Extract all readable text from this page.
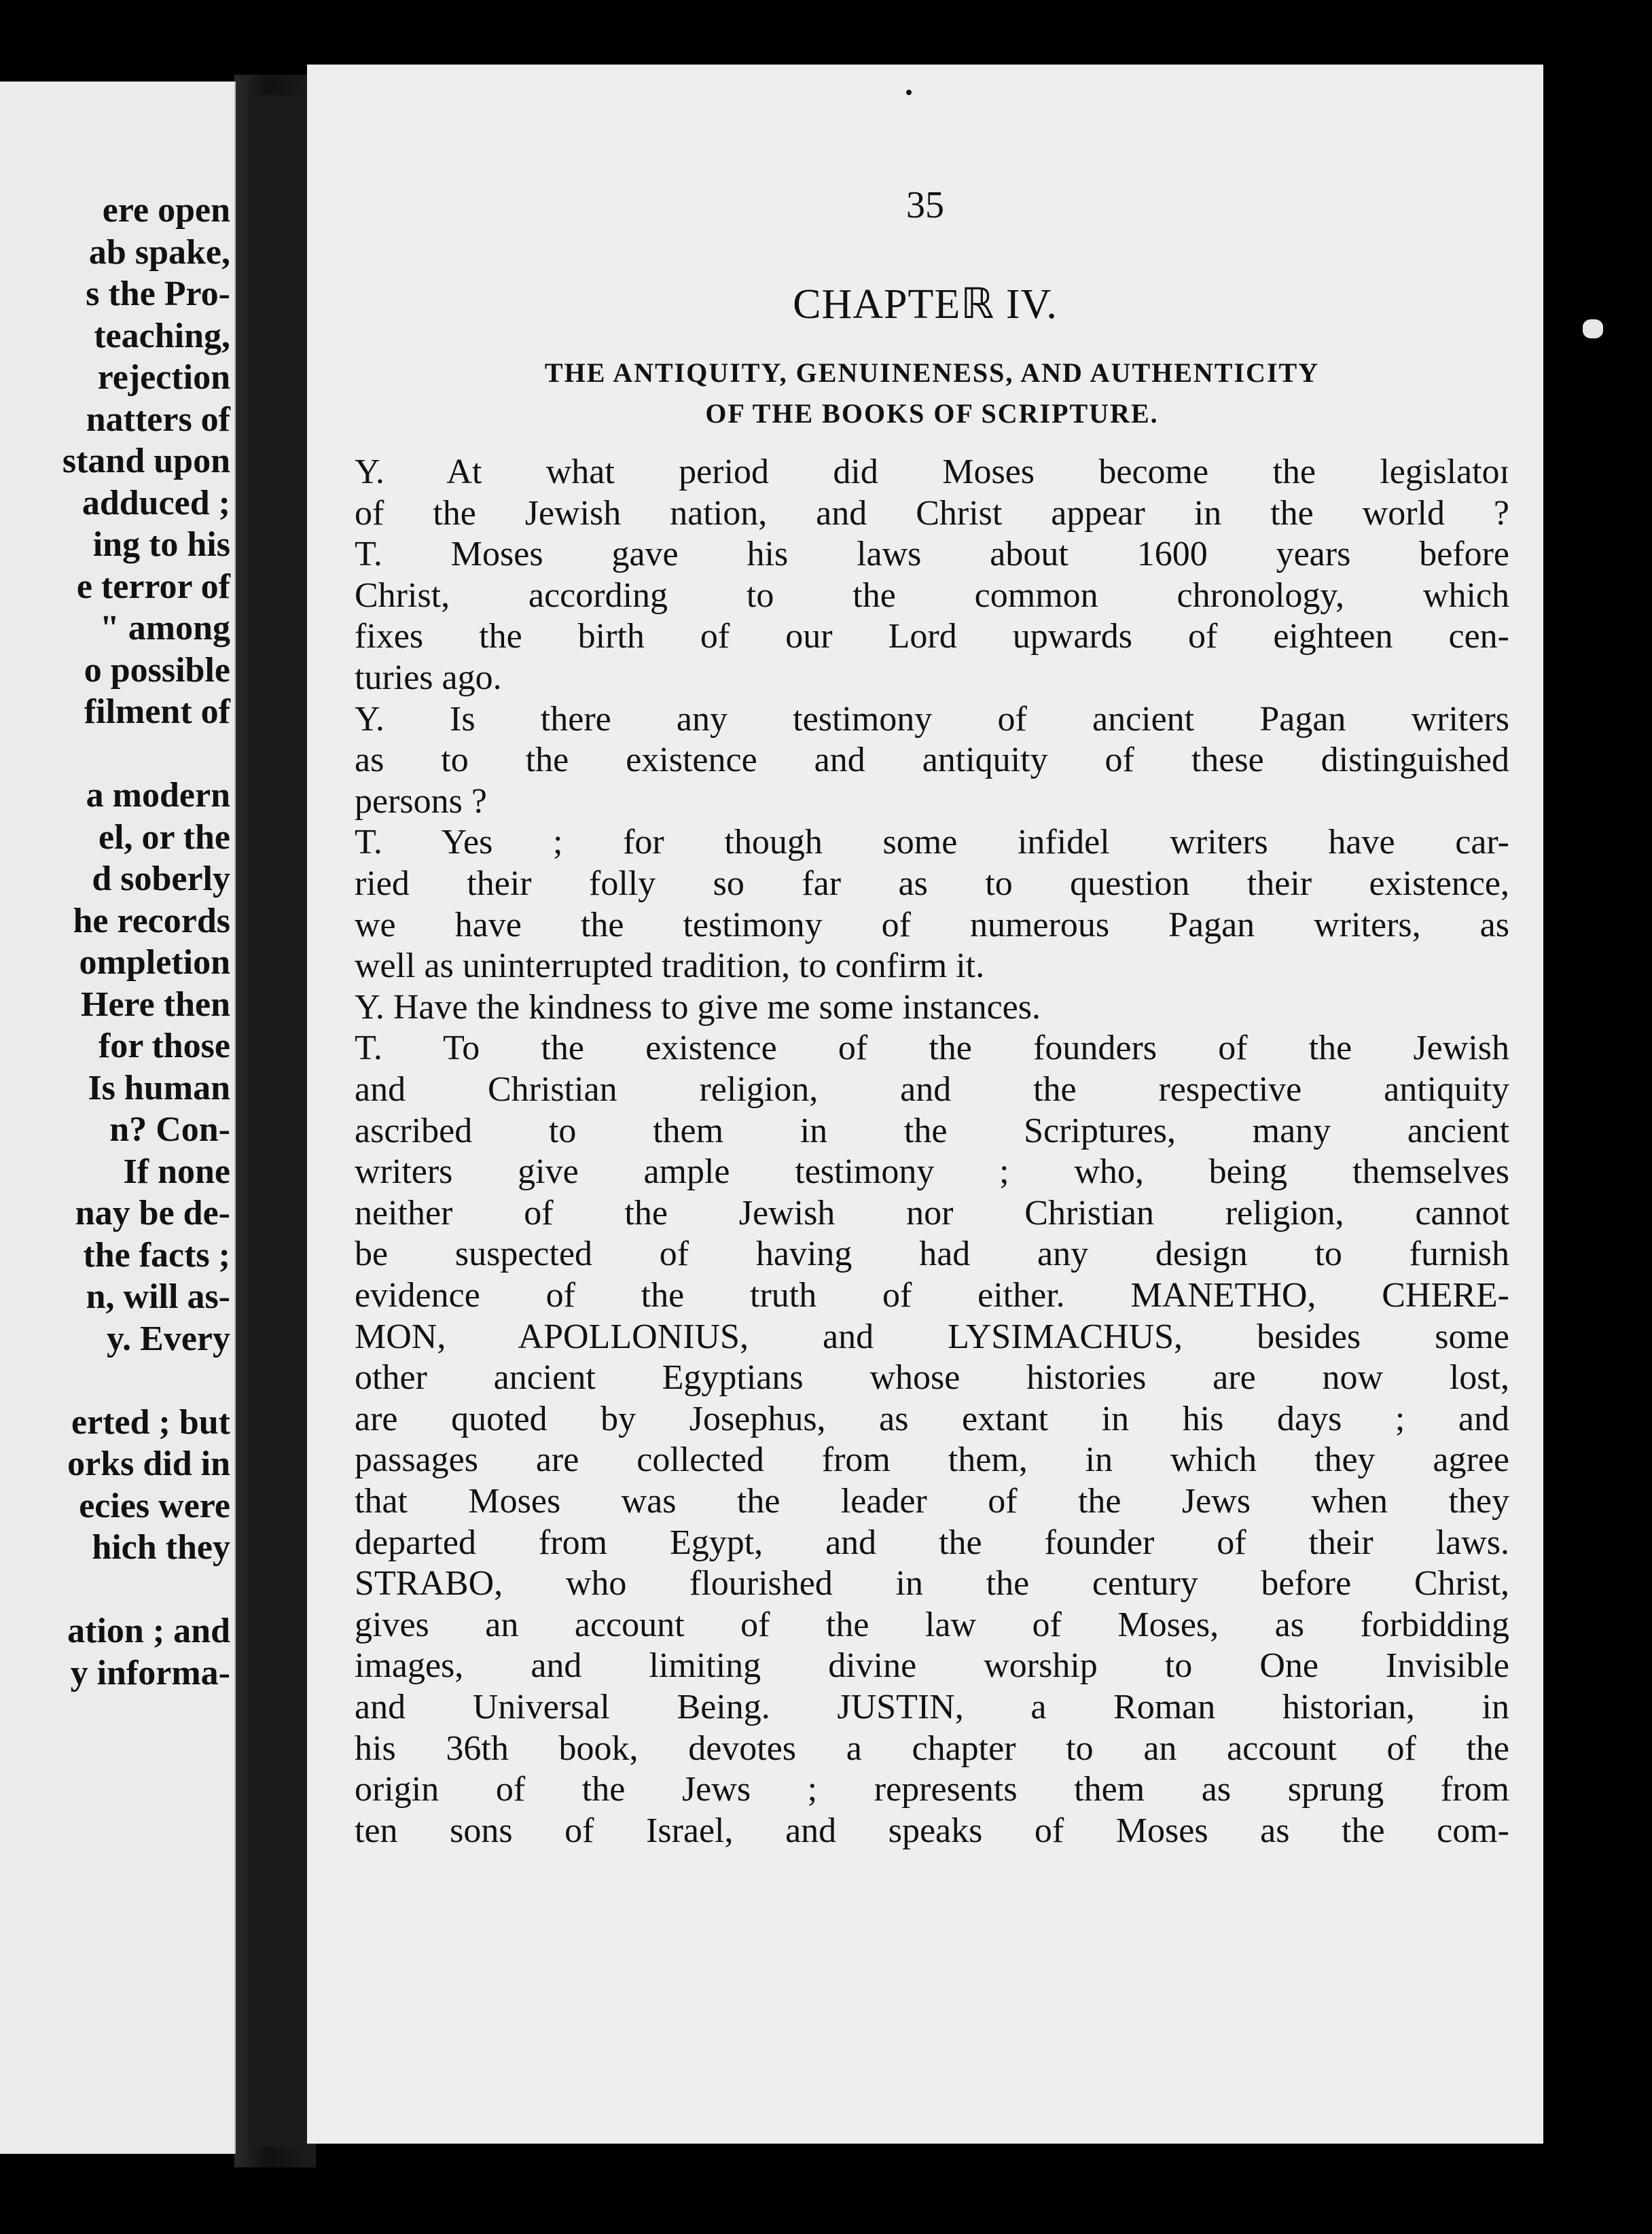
ere open
ab spake,
s the Pro-
teaching,
rejection
natters of
stand upon
adduced ;
ing to his
e terror of
" among
o possible
filment of
a modern
el, or the
d soberly
he records
ompletion
Here then
for those
Is human
n? Con-
If none
nay be de-
the facts ;
n, will as-
y. Every
erted ; but
orks did in
ecies were
hich they
ation ; and
y informa-
35
CHAPTEℝ IV.
THE ANTIQUITY, GENUINENESS, AND AUTHENTICITY
OF THE BOOKS OF SCRIPTURE.
Y. At what period did Moses become the legislatoɪ
of the Jewish nation, and Christ appear in the world ?
T. Moses gave his laws about 1600 years before
Christ, according to the common chronology, which
fixes the birth of our Lord upwards of eighteen cen-
turies ago.
Y. Is there any testimony of ancient Pagan writers
as to the existence and antiquity of these distinguished
persons ?
T. Yes ; for though some infidel writers have car-
ried their folly so far as to question their existence,
we have the testimony of numerous Pagan writers, as
well as uninterrupted tradition, to confirm it.
Y. Have the kindness to give me some instances.
T. To the existence of the founders of the Jewish
and Christian religion, and the respective antiquity
ascribed to them in the Scriptures, many ancient
writers give ample testimony ; who, being themselves
neither of the Jewish nor Christian religion, cannot
be suspected of having had any design to furnish
evidence of the truth of either. MANETHO, CHERE-
MON, APOLLONIUS, and LYSIMACHUS, besides some
other ancient Egyptians whose histories are now lost,
are quoted by Josephus, as extant in his days ; and
passages are collected from them, in which they agree
that Moses was the leader of the Jews when they
departed from Egypt, and the founder of their laws.
STRABO, who flourished in the century before Christ,
gives an account of the law of Moses, as forbidding
images, and limiting divine worship to One Invisible
and Universal Being. JUSTIN, a Roman historian, in
his 36th book, devotes a chapter to an account of the
origin of the Jews ; represents them as sprung from
ten sons of Israel, and speaks of Moses as the com-
